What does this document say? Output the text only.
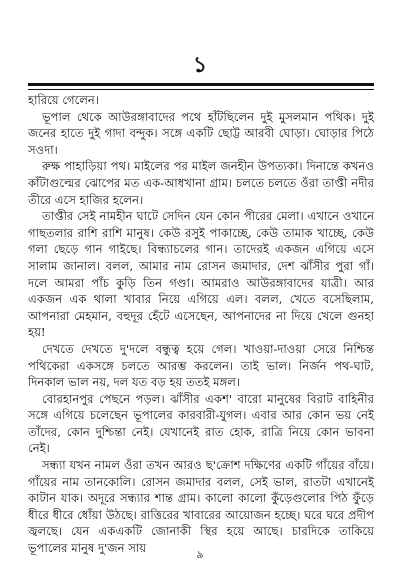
১

হারিয়ে গেলেন।

ভূপাল থেকে আউরঙ্গাবাদের পথে হাঁটছিলেন দুই মুসলমান পথিক। দুই জনের হাতে দুই গাদা বন্দুক। সঙ্গে একটি ছোট্ট আরবী ঘোড়া। ঘোড়ার পিঠে সওদা।

রুক্ষ পাহাড়িয়া পথ। মাইলের পর মাইল জনহীন উপত্যকা। দিনান্তে কখনও কাঁটাগুল্মের ঝোপের মত এক-আধখানা গ্রাম। চলতে চলতে ওঁরা তাপ্তী নদীর তীরে এসে হাজির হলেন।

তাপ্তীর সেই নামহীন ঘাটে সেদিন যেন কোন পীরের মেলা। এখানে ওখানে গাছতলার রাশি রাশি মানুষ। কেউ রসুই পাকাচ্ছে, কেউ তামাক খাচ্ছে, কেউ গলা ছেড়ে গান গাইছে। বিন্ধ্যাচলের গান। তাদেরই একজন এগিয়ে এসে সালাম জানাল। বলল, আমার নাম রোসন জমাদার, দেশ ঝাঁসীর পুরা গাঁ। দলে আমরা পাঁচ কুড়ি তিন গণ্ডা। আমরাও আউরঙ্গাবাদের যাত্রী। আর একজন এক থালা খাবার নিয়ে এগিয়ে এল। বলল, খেতে বসেছিলাম, আপনারা মেহমান, বহুদূর হেঁটে এসেছেন, আপনাদের না দিয়ে খেলে গুনহা হয়!

দেখতে দেখতে দু'দলে বন্ধুত্ব হয়ে গেল। খাওয়া-দাওয়া সেরে নিশ্চিন্ত পথিকেরা একসঙ্গে চলতে আরম্ভ করলেন। তাই ভাল। নির্জন পথ-ঘাট, দিনকাল ভাল নয়, দল যত বড় হয় ততই মঙ্গল।

বোরহানপুর পেছনে পড়ল। ঝাঁসীর একশ' বারো মানুষের বিরাট বাহিনীর সঙ্গে এগিয়ে চলেছেন ভূপালের কারবারী-যুগল। এবার আর কোন ভয় নেই তাঁদের, কোন দুশ্চিন্তা নেই। যেখানেই রাত হোক, রাত্রি নিয়ে কোন ভাবনা নেই।

সন্ধ্যা যখন নামল ওঁরা তখন আরও ছ'ক্রোশ দক্ষিণের একটি গাঁয়ের বাঁয়ে। গাঁয়ের নাম তানকোলি। রোসন জমাদার বলল, সেই ভাল, রাতটা এখানেই কাটান যাক। অদূরে সন্ধ্যার শান্ত গ্রাম। কালো কালো কুঁড়েগুলোর পিঠ ফুঁড়ে ধীরে ধীরে ধোঁয়া উঠছে। রাত্তিরের খাবারের আয়োজন হচ্ছে। ঘরে ঘরে প্রদীপ জ্বলছে। যেন একএকটি জোনাকী স্থির হয়ে আছে। চারদিকে তাকিয়ে ভূপালের মানুষ দু'জন সায়	৯
